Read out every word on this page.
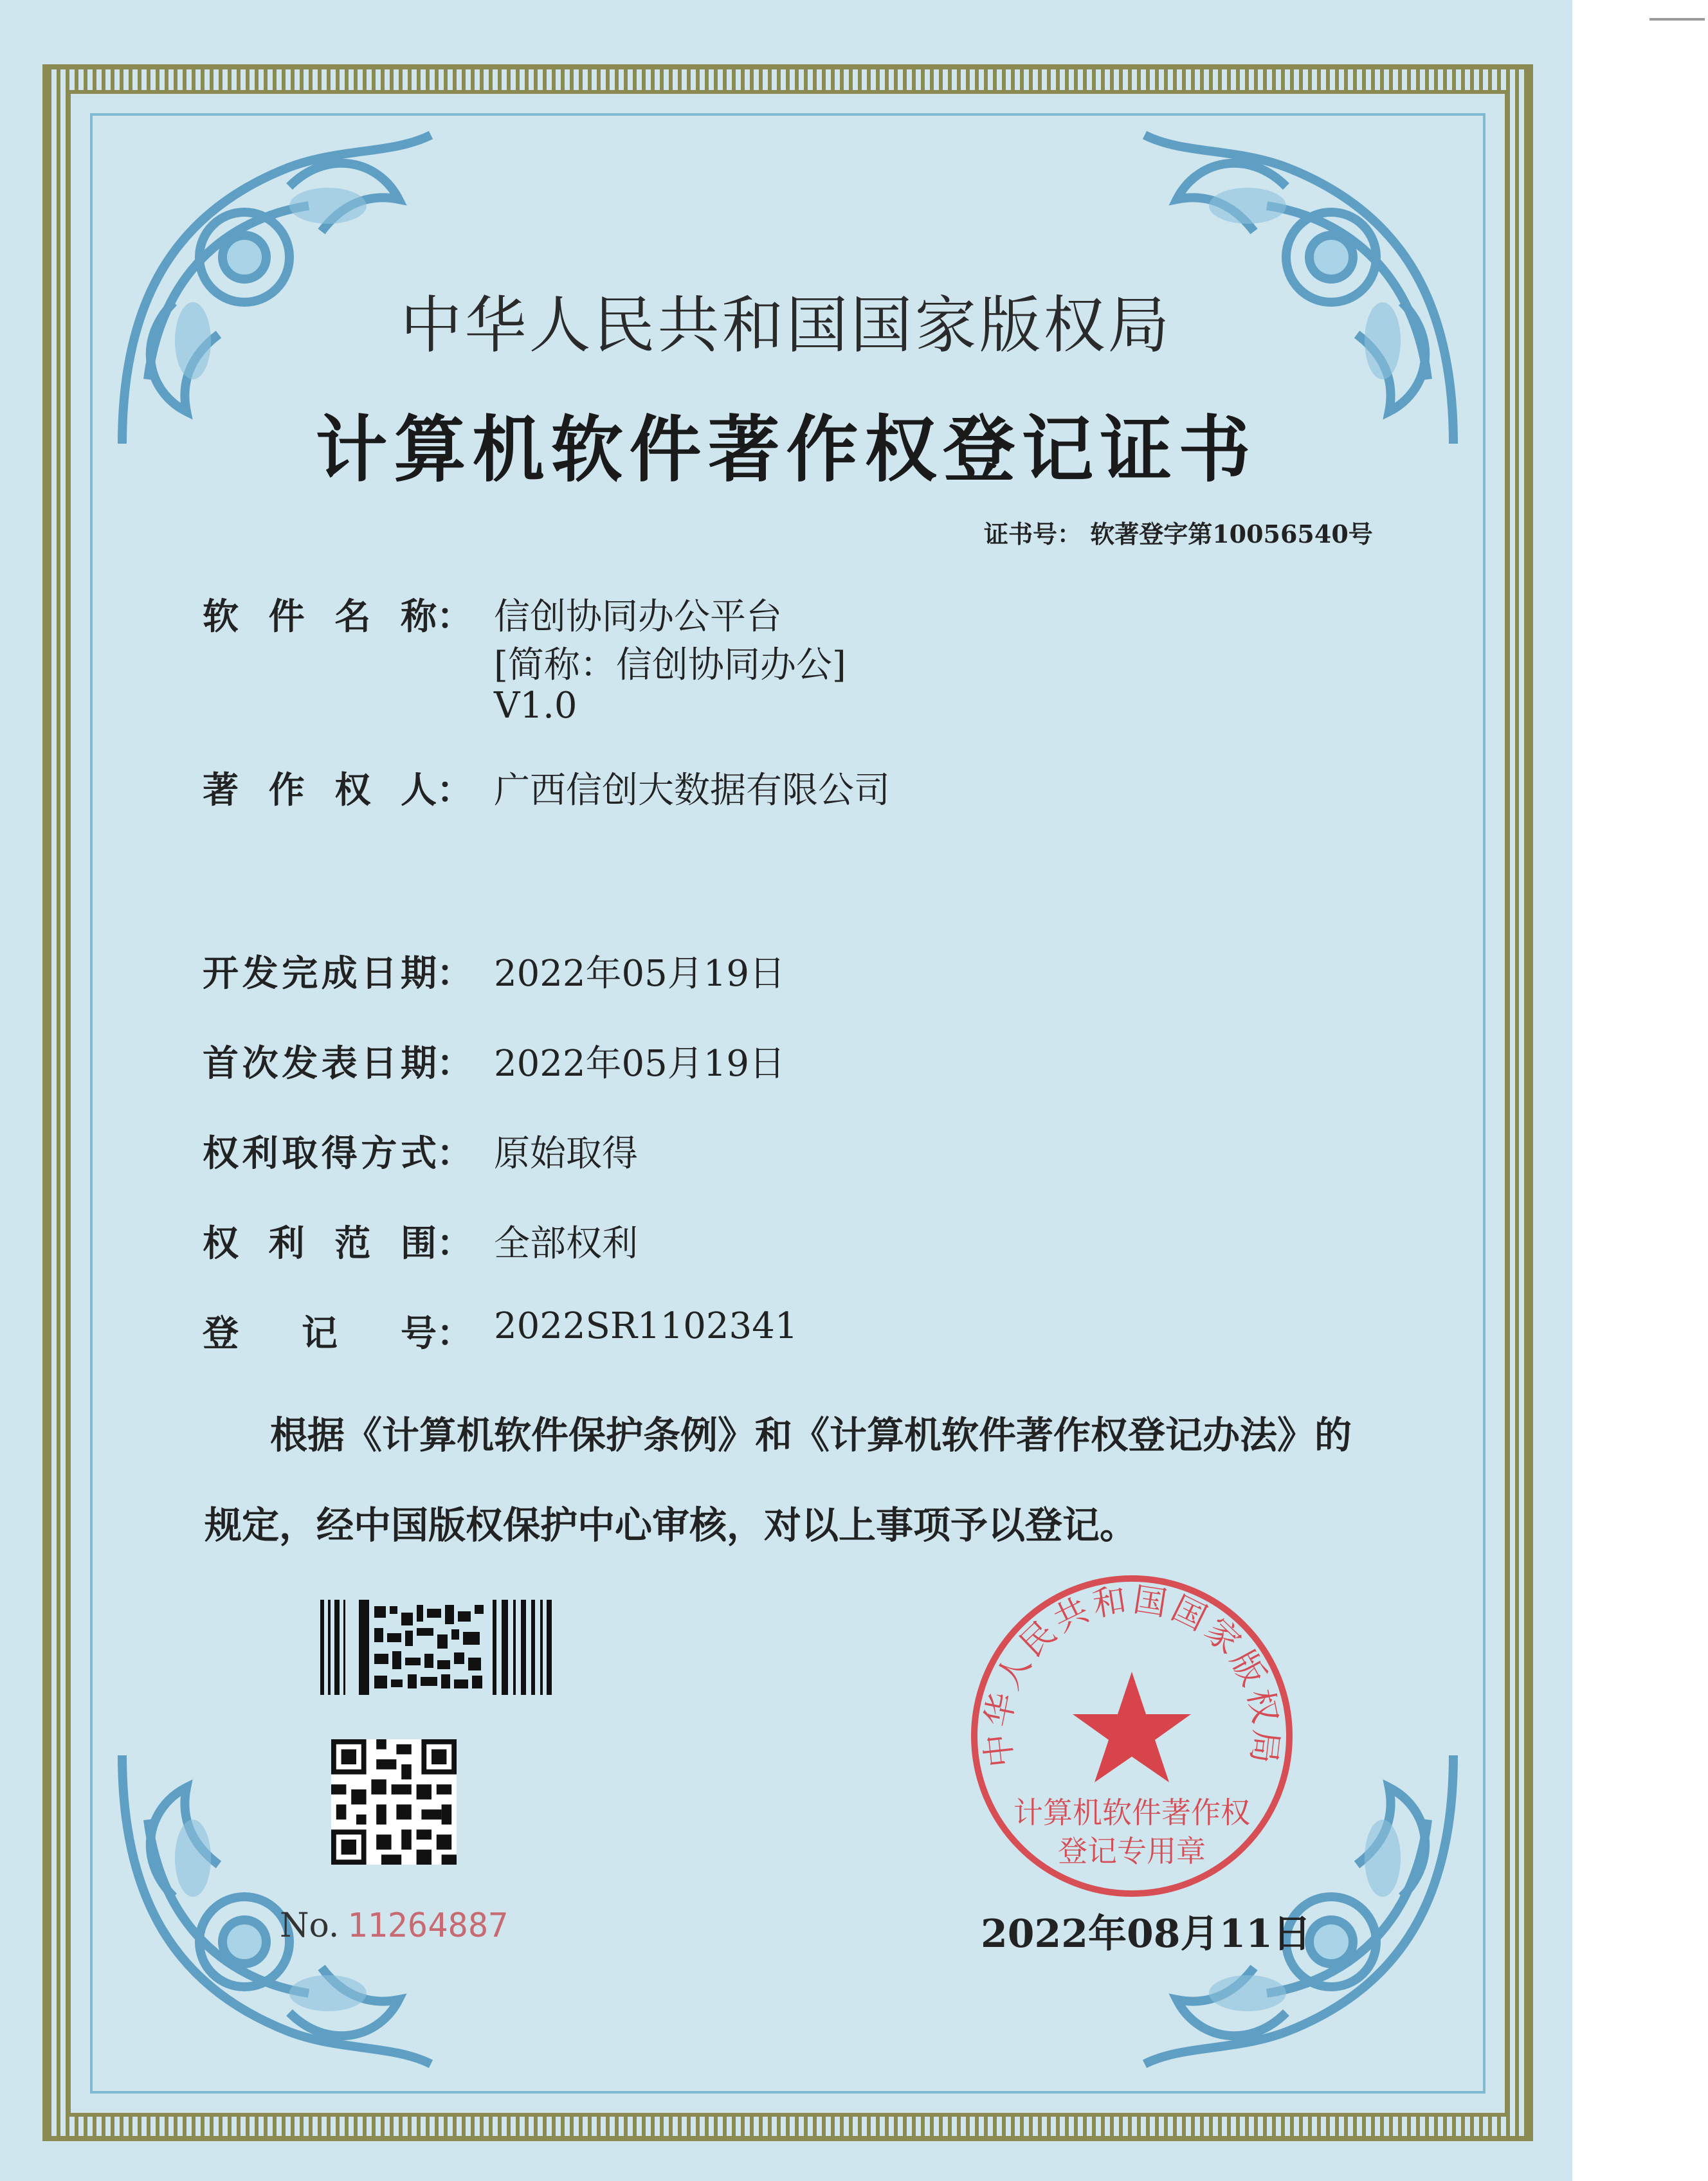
中华人民共和国国家版权局
计算机软件著作权登记证书
证书号： 软著登字第10056540号
软 件 名 称： 信创协同办公平台
[简称：信创协同办公]
V1.0
著 作 权 人： 广西信创大数据有限公司
开 发 完 成 日 期： 2022年05月19日
首 次 发 表 日 期： 2022年05月19日
权 利 取 得 方 式： 原始取得
权 利 范 围： 全部权利
登 记 号： 2022SR1102341
根据《计算机软件保护条例》和《计算机软件著作权登记办法》的
规定，经中国版权保护中心审核，对以上事项予以登记。
No. 11264887
中华人民共和国国家版权局
计算机软件著作权
登记专用章
2022年08月11日
